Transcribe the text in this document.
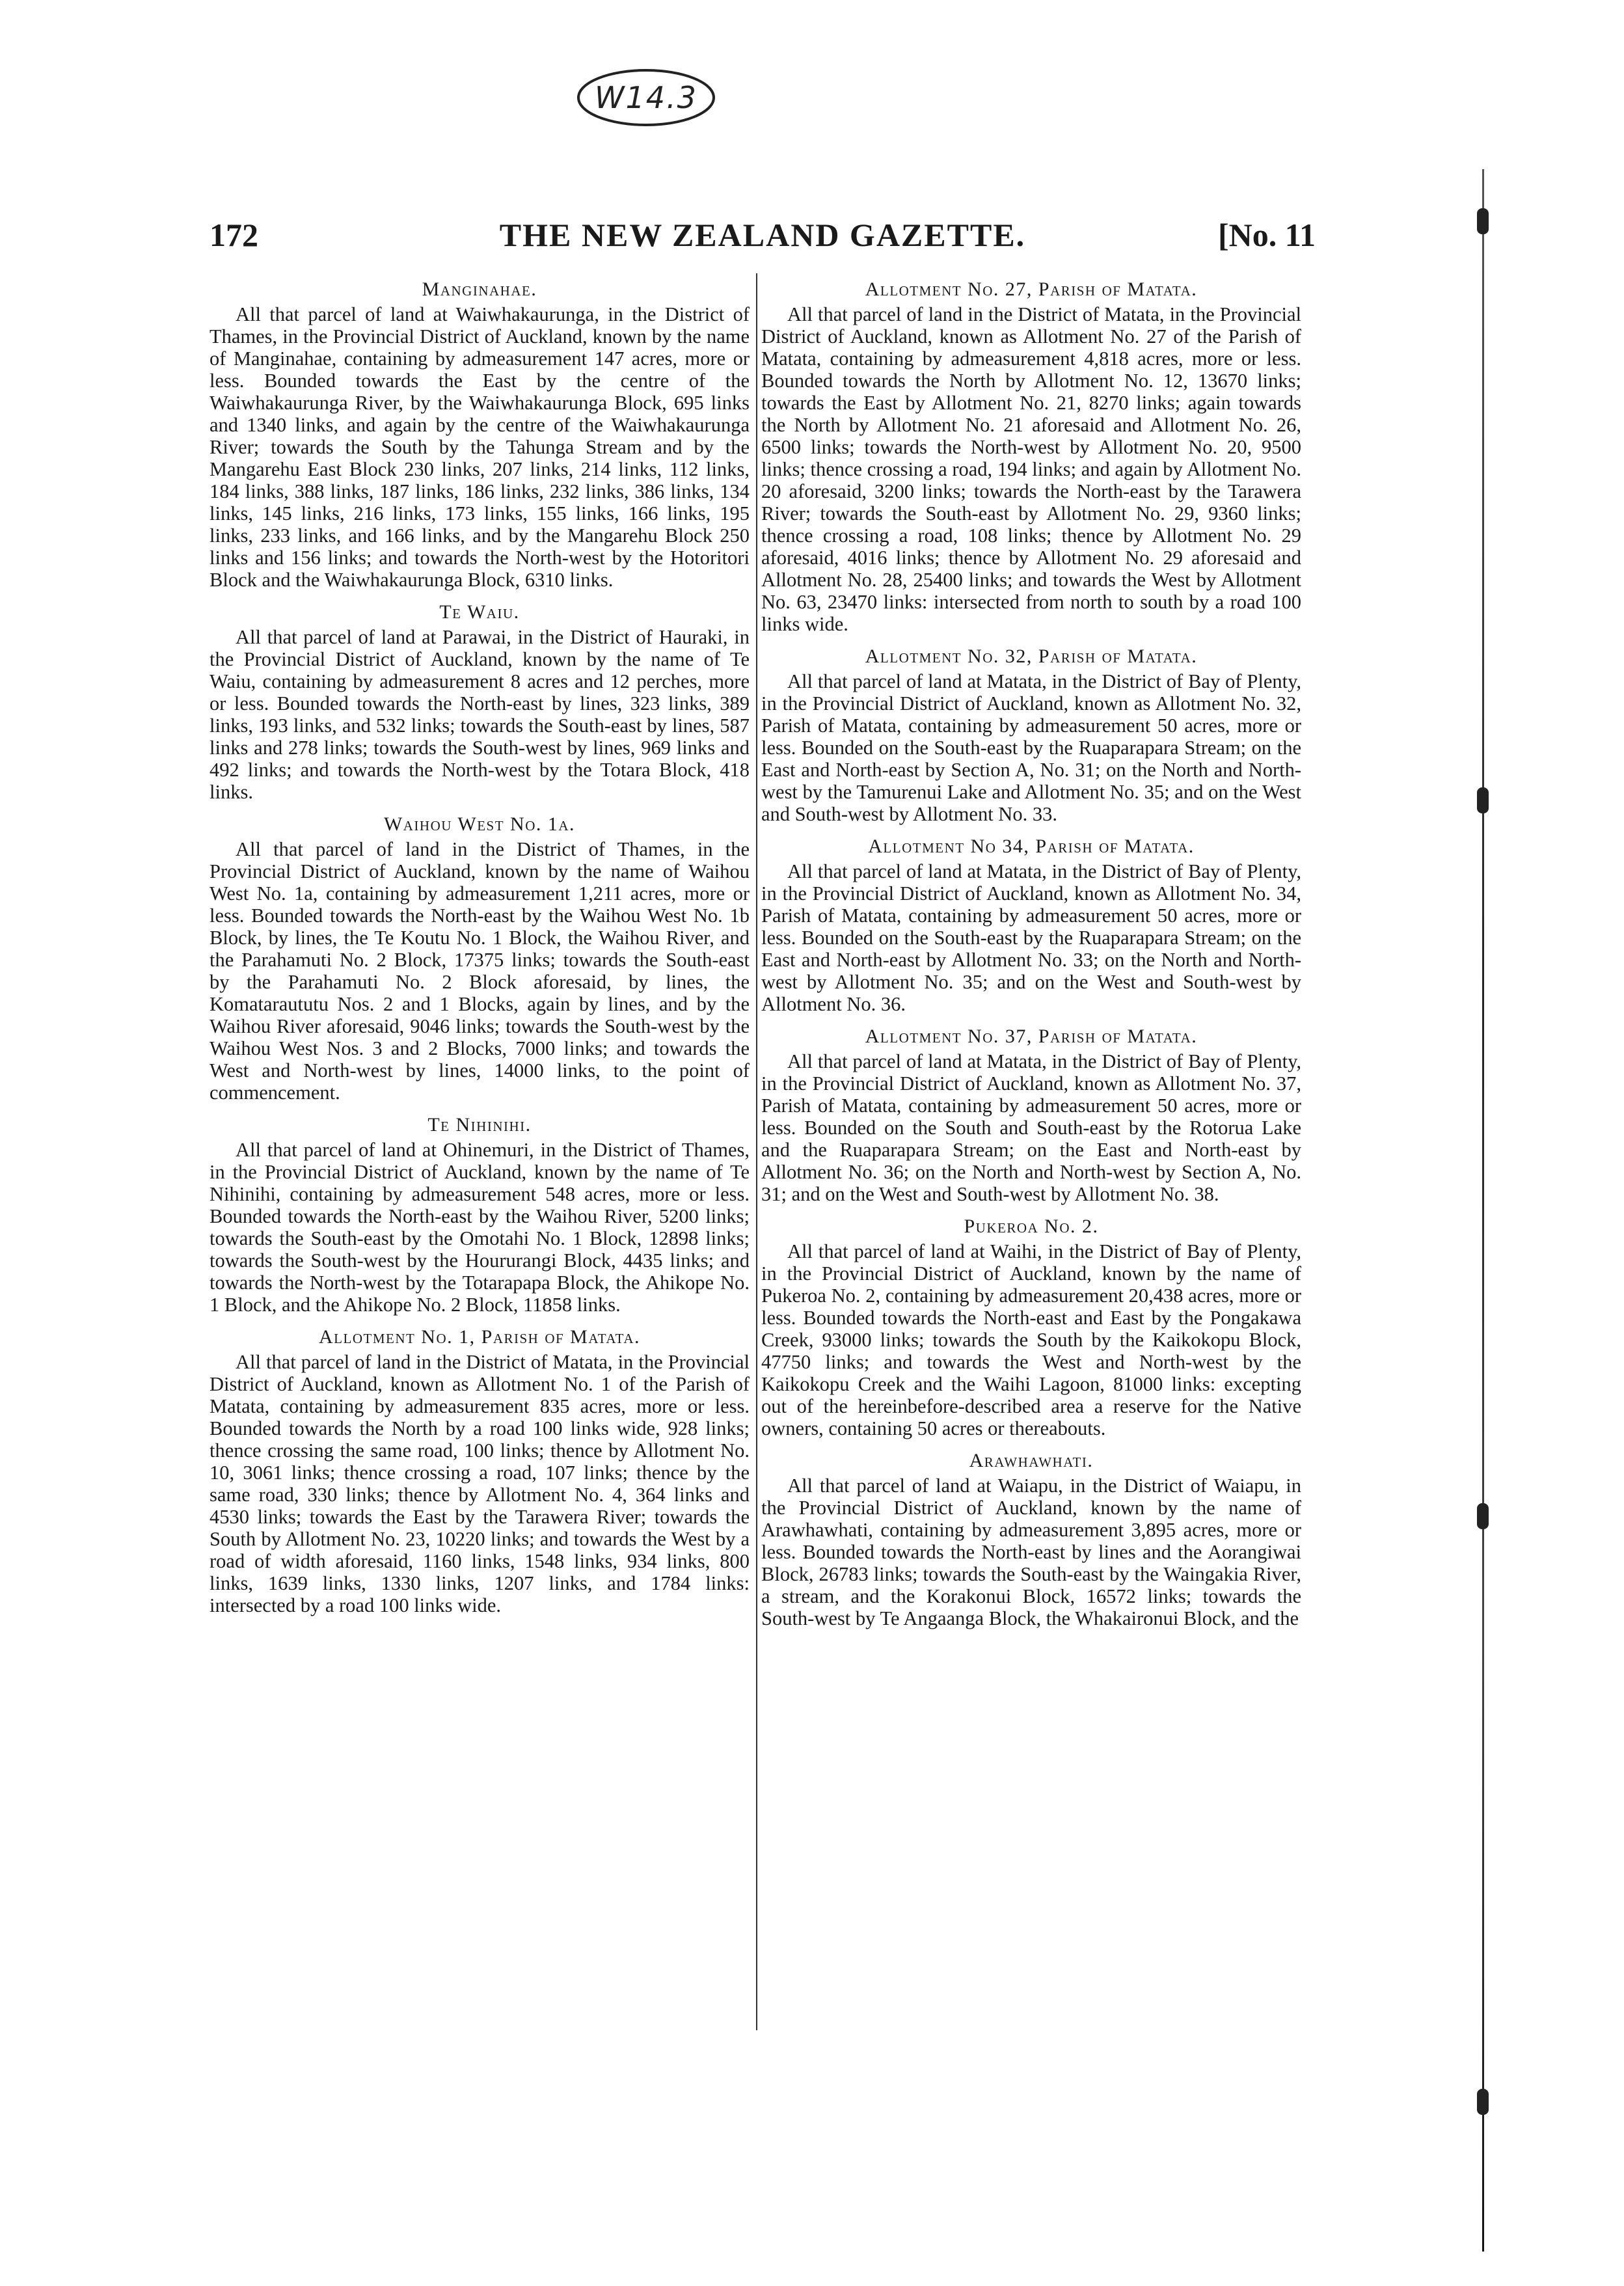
W14.3
172	THE NEW ZEALAND GAZETTE.	[No. 11
Manginahae.

All that parcel of land at Waiwhakaurunga, in the District of Thames, in the Provincial District of Auckland, known by the name of Manginahae, containing by admeasurement 147 acres, more or less. Bounded towards the East by the centre of the Waiwhakaurunga River, by the Waiwhakaurunga Block, 695 links and 1340 links, and again by the centre of the Waiwhakaurunga River; towards the South by the Tahunga Stream and by the Mangarehu East Block 230 links, 207 links, 214 links, 112 links, 184 links, 388 links, 187 links, 186 links, 232 links, 386 links, 134 links, 145 links, 216 links, 173 links, 155 links, 166 links, 195 links, 233 links, and 166 links, and by the Mangarehu Block 250 links and 156 links; and towards the North-west by the Hotoritori Block and the Waiwhakaurunga Block, 6310 links.

Te Waiu.

All that parcel of land at Parawai, in the District of Hauraki, in the Provincial District of Auckland, known by the name of Te Waiu, containing by admeasurement 8 acres and 12 perches, more or less. Bounded towards the North-east by lines, 323 links, 389 links, 193 links, and 532 links; towards the South-east by lines, 587 links and 278 links; towards the South-west by lines, 969 links and 492 links; and towards the North-west by the Totara Block, 418 links.

Waihou West No. 1a.

All that parcel of land in the District of Thames, in the Provincial District of Auckland, known by the name of Waihou West No. 1a, containing by admeasurement 1,211 acres, more or less. Bounded towards the North-east by the Waihou West No. 1b Block, by lines, the Te Koutu No. 1 Block, the Waihou River, and the Parahamuti No. 2 Block, 17375 links; towards the South-east by the Parahamuti No. 2 Block aforesaid, by lines, the Komataraututu Nos. 2 and 1 Blocks, again by lines, and by the Waihou River aforesaid, 9046 links; towards the South-west by the Waihou West Nos. 3 and 2 Blocks, 7000 links; and towards the West and North-west by lines, 14000 links, to the point of commencement.

Te Nihinihi.

All that parcel of land at Ohinemuri, in the District of Thames, in the Provincial District of Auckland, known by the name of Te Nihinihi, containing by admeasurement 548 acres, more or less. Bounded towards the North-east by the Waihou River, 5200 links; towards the South-east by the Omotahi No. 1 Block, 12898 links; towards the South-west by the Hoururangi Block, 4435 links; and towards the North-west by the Totarapapa Block, the Ahikope No. 1 Block, and the Ahikope No. 2 Block, 11858 links.

Allotment No. 1, Parish of Matata.

All that parcel of land in the District of Matata, in the Provincial District of Auckland, known as Allotment No. 1 of the Parish of Matata, containing by admeasurement 835 acres, more or less. Bounded towards the North by a road 100 links wide, 928 links; thence crossing the same road, 100 links; thence by Allotment No. 10, 3061 links; thence crossing a road, 107 links; thence by the same road, 330 links; thence by Allotment No. 4, 364 links and 4530 links; towards the East by the Tarawera River; towards the South by Allotment No. 23, 10220 links; and towards the West by a road of width aforesaid, 1160 links, 1548 links, 934 links, 800 links, 1639 links, 1330 links, 1207 links, and 1784 links: intersected by a road 100 links wide.

Allotment No. 27, Parish of Matata.

All that parcel of land in the District of Matata, in the Provincial District of Auckland, known as Allotment No. 27 of the Parish of Matata, containing by admeasurement 4,818 acres, more or less. Bounded towards the North by Allotment No. 12, 13670 links; towards the East by Allotment No. 21, 8270 links; again towards the North by Allotment No. 21 aforesaid and Allotment No. 26, 6500 links; towards the North-west by Allotment No. 20, 9500 links; thence crossing a road, 194 links; and again by Allotment No. 20 aforesaid, 3200 links; towards the North-east by the Tarawera River; towards the South-east by Allotment No. 29, 9360 links; thence crossing a road, 108 links; thence by Allotment No. 29 aforesaid, 4016 links; thence by Allotment No. 29 aforesaid and Allotment No. 28, 25400 links; and towards the West by Allotment No. 63, 23470 links: intersected from north to south by a road 100 links wide.

Allotment No. 32, Parish of Matata.

All that parcel of land at Matata, in the District of Bay of Plenty, in the Provincial District of Auckland, known as Allotment No. 32, Parish of Matata, containing by admeasurement 50 acres, more or less. Bounded on the South-east by the Ruaparapara Stream; on the East and North-east by Section A, No. 31; on the North and North-west by the Tamurenui Lake and Allotment No. 35; and on the West and South-west by Allotment No. 33.

Allotment No 34, Parish of Matata.

All that parcel of land at Matata, in the District of Bay of Plenty, in the Provincial District of Auckland, known as Allotment No. 34, Parish of Matata, containing by admeasurement 50 acres, more or less. Bounded on the South-east by the Ruaparapara Stream; on the East and North-east by Allotment No. 33; on the North and North-west by Allotment No. 35; and on the West and South-west by Allotment No. 36.

Allotment No. 37, Parish of Matata.

All that parcel of land at Matata, in the District of Bay of Plenty, in the Provincial District of Auckland, known as Allotment No. 37, Parish of Matata, containing by admeasurement 50 acres, more or less. Bounded on the South and South-east by the Rotorua Lake and the Ruaparapara Stream; on the East and North-east by Allotment No. 36; on the North and North-west by Section A, No. 31; and on the West and South-west by Allotment No. 38.

Pukeroa No. 2.

All that parcel of land at Waihi, in the District of Bay of Plenty, in the Provincial District of Auckland, known by the name of Pukeroa No. 2, containing by admeasurement 20,438 acres, more or less. Bounded towards the North-east and East by the Pongakawa Creek, 93000 links; towards the South by the Kaikokopu Block, 47750 links; and towards the West and North-west by the Kaikokopu Creek and the Waihi Lagoon, 81000 links: excepting out of the hereinbefore-described area a reserve for the Native owners, containing 50 acres or thereabouts.

Arawhawhati.

All that parcel of land at Waiapu, in the District of Waiapu, in the Provincial District of Auckland, known by the name of Arawhawhati, containing by admeasurement 3,895 acres, more or less. Bounded towards the North-east by lines and the Aorangiwai Block, 26783 links; towards the South-east by the Waingakia River, a stream, and the Korakonui Block, 16572 links; towards the South-west by Te Angaanga Block, the Whakaironui Block, and the
